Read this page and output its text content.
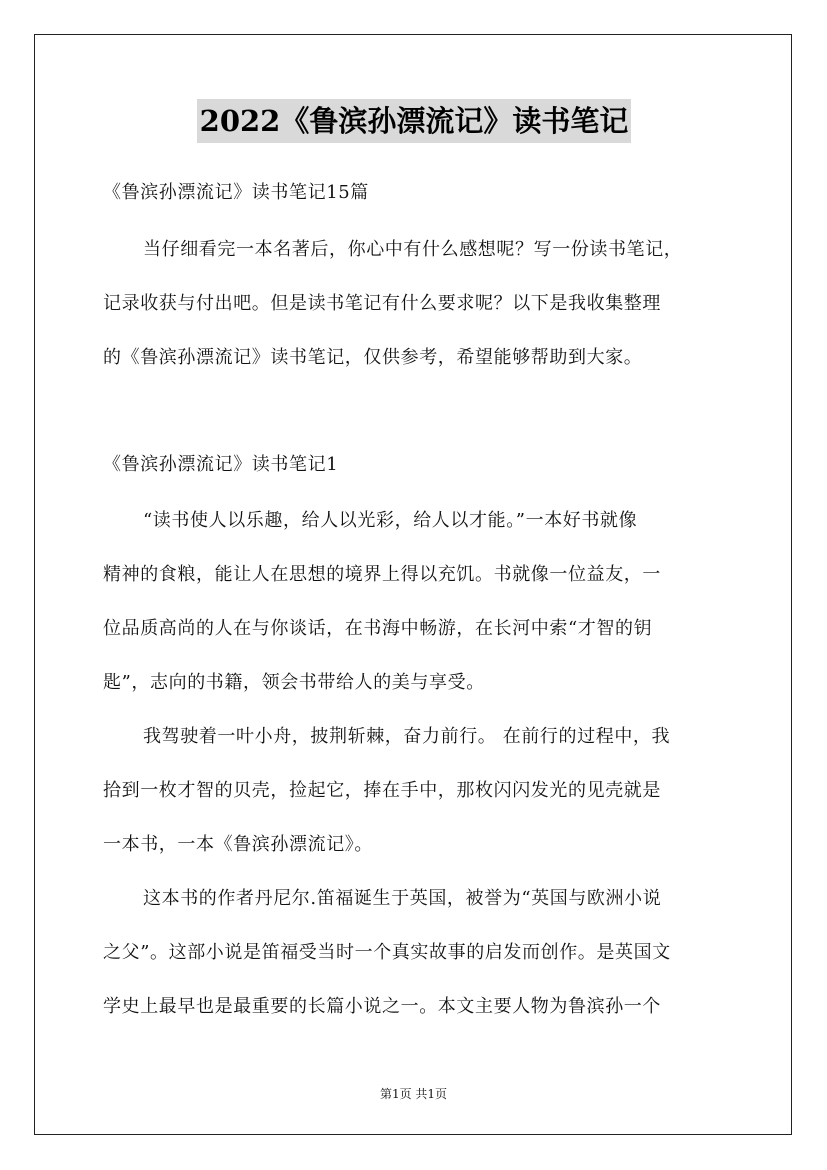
2022《鲁滨孙漂流记》读书笔记
《鲁滨孙漂流记》读书笔记15篇
当仔细看完一本名著后，你心中有什么感想呢？写一份读书笔记，
记录收获与付出吧。但是读书笔记有什么要求呢？以下是我收集整理
的《鲁滨孙漂流记》读书笔记，仅供参考，希望能够帮助到大家。
《鲁滨孙漂流记》读书笔记1
“读书使人以乐趣，给人以光彩，给人以才能。”一本好书就像
精神的食粮，能让人在思想的境界上得以充饥。书就像一位益友，一
位品质高尚的人在与你谈话，在书海中畅游，在长河中索“才智的钥
匙”，志向的书籍，领会书带给人的美与享受。
我驾驶着一叶小舟，披荆斩棘，奋力前行。 在前行的过程中，我
拾到一枚才智的贝壳，捡起它，捧在手中，那枚闪闪发光的见壳就是
一本书，一本《鲁滨孙漂流记》。
这本书的作者丹尼尔.笛福诞生于英国，被誉为“英国与欧洲小说
之父”。这部小说是笛福受当时一个真实故事的启发而创作。是英国文
学史上最早也是最重要的长篇小说之一。本文主要人物为鲁滨孙一个
第1页 共1页
